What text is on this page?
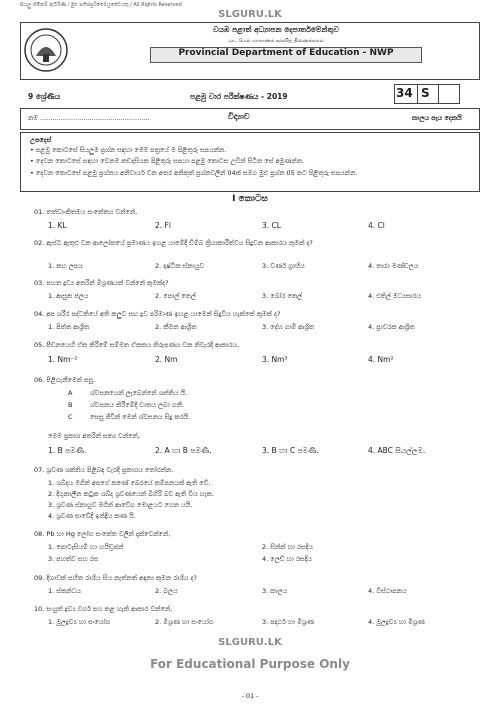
සියලු හිමිකම් ඇවිරිණි / මුළු පතිප්පුරිමෛයුඩෛයතු / All Rights Reserved
SLGURU.LK
වයඹ පළාත් අධ්‍යාපන දෙපාර්තමේන්තුව
வட மேல் மாகாணக் கல்வித் திணைக்களம்
Provincial Department of Education - NWP
9 ශ්‍රේණිය	පළමු වාර පරීක්ෂණය - 2019	34 S
නම .....................................................	විද්‍යාව	කාලය පැය දෙකයි
උපදෙස්
• පළමු කොටසේ සියලුම ප්‍රශ්න සඳහා මෙම පත්‍රයේ ම පිළිතුරු සපයන්න.
• දෙවන කොටසේ සඳහා වෙනම කඩදාසියක පිළිතුරු සපයා පළමු කොටස උඩින් සිටින සේ අමුණන්න.
• දෙවන කොටසේ පළමු ප්‍රශ්නය අනිවාර්ය වන අතර අනිකුත් ප්‍රශ්නවලින් 04ක් සමග මුළු ප්‍රශ්න 05 කට පිළිතුරු සපයන්න.
I කොටස
01. තත්වාංකිතමය සංකේතය වන්නේ,
1. KL	2. Fl	3. CL	4. Cl
02. ඇස්ට ඇතුළු වන ආලෝකයේ ප්‍රමාණය ඉහළ යාමේදී ඩිම්බ ක්‍රියාකාරීත්වය සිදුවන ආකාරය කුමක් ද?
1. කහ ලපය	2. දෘෂ්ටික ස්නායුව	3. වර්ණ ග්‍රාහිය	4. තාරා මණ්ඩලය
03. පහත ද්‍රව්‍ය අතරින් මිශ්‍රණයක් වන්නේ කුමක්ද?
1. ආසුත ජලය	2. පොල් තෙල්	3. බෝර තෙල්	4. එතිල් මධ්‍යසාරය
04. අප ශරීර පද්ධතියේ අති කලුව සහ ද්‍රව පරිමාණ ඉහළ යාමෙන් සිදුවිය හැක්කේ කුමක් ද?
1. පිත්ත ආශ්‍රිත	2. කීමන ආශ්‍රිත	3. දේහ ගාමී ආශ්‍රිත	4. ප්‍රාවරක ආශ්‍රිත
05. පීඩනයෙහි ඒක කිරීමේ සම්මත ඒකකය තිරුපණය වන නිවැරදි ආකාරය,
1. Nm⁻²	2. Nm	3. Nm³	4. Nm²
06. පිළිගැනීමෙන් පසු,
A	ශ්වසනයෙන් ලැබෙන්නේ ශක්තිය යි.
B	ශ්වසනය කිරීමේදී වාතය ලබා ගනී.
C	සෙසු ජීවීන් මෙන් ශ්වසනය සිදු කරයි.
මෙම ප්‍රකාශ අතරින් සත්‍ය වන්නේ,
1. B පමණී.	2. A හා B පමණී.	3. B හා C පමණී.	4. ABC සියල්ලම.
07. ශ්‍රවණ ශක්තිය පිළිබඳ වැරදි ප්‍රකාශය තෝරන්න.
1. ශබ්දය මගින් අපගේ කණේ බෙරයේ කම්පනයක් ඇති වේ.
2. දිගුකාලීන කටුක ශබ්ද ශ්‍රවණයෙන් බිහිරි බව ඇති විය හැක.
3. ශ්‍රවණ ස්නායුව මගින් ආවේග මොළයට ගෙන යයි.
4. ශ්‍රවණ සංවේදී ඉන්ද්‍රිය කණ යි.
08. Pb හා Hg ලෝහ සංකේත වලින් දැක්වෙන්නේ,
1. පොටෑසියම් හා හයිඩ්‍රජන්	2. සින්ක් හා රසදිය
3. පහත්ව සහ රස	4. ලෙඩ් හා රසදිය
09. දිශාවක් සහිත රාශිය සිය නැත්නත් අඳනා කුමන රාශිය ද?
1. ස්කන්ධය	2. බලය	3. කාලය	4. විස්ථාපනය
10. සංයුත් ද්‍රව්‍ය වර්ග පහ කළ හැකි ආකාර වන්නේ,
1. මූලද්‍රව්‍ය හා සංයෝග	2. මිශ්‍රණ හා සංයෝග	3. පදාර්ථ හා මිශ්‍රණ	4. මූලද්‍රව්‍ය හා මිශ්‍රණ
SLGURU.LK
For Educational Purpose Only
- 01 -
